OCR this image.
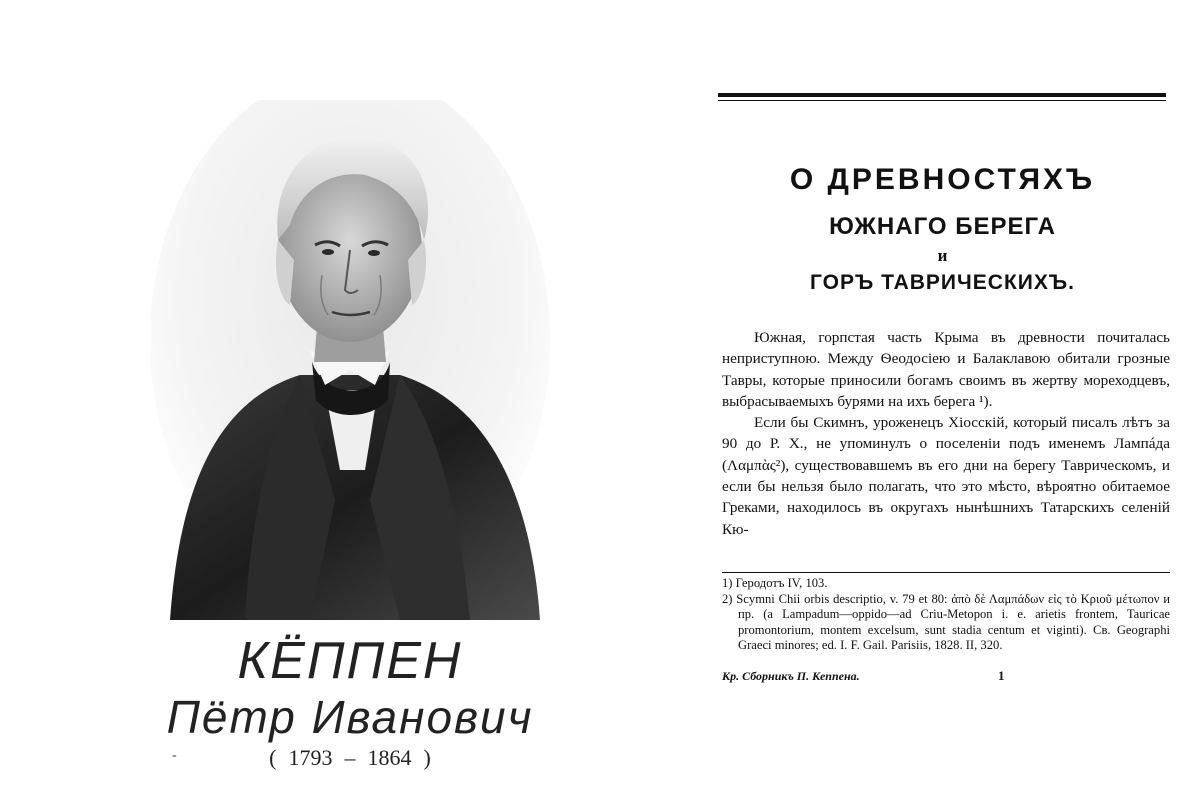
КЁППЕН
Пётр Иванович
-	( 1793 – 1864 )
О ДРЕВНОСТЯХЪ
ЮЖНАГО БЕРЕГА
и
ГОРЪ ТАВРИЧЕСКИХЪ.

Южная, горпстая часть Крыма въ древности почиталась неприступною. Между Ѳеодосiею и Балаклавою обитали грозные Тавры, которые приносили богамъ своимъ въ жертву мореходцевъ, выбрасываемыхъ бурями на ихъ берега ¹).

Если бы Скимнъ, уроженецъ Хiосскiй, который писалъ лѣтъ за 90 до Р. Х., не упоминулъ о поселенiи подъ именемъ Лампáда (Λαμπὰς²), существовавшемъ въ его дни на берегу Таврическомъ, и если бы нельзя было полагать, что это мѣсто, вѣроятно обитаемое Греками, находилось въ округахъ нынѣшнихъ Татарскихъ селенiй Кю-

1) Геродотъ IV, 103.

2) Scymni Chii orbis descriptio, v. 79 et 80: ἀπὸ δὲ Λαμπάδων εἰς τὸ Κριοῦ μέτωπον и пр. (a Lampadum—oppido—ad Criu-Metopon i. e. arietis frontem, Tauricae promontorium, montem excelsum, sunt stadia centum et viginti). Св. Geographi Graeci minores; ed. I. F. Gail. Parisiis, 1828. II, 320.

Кр. Сборникъ П. Кеппена.	1
